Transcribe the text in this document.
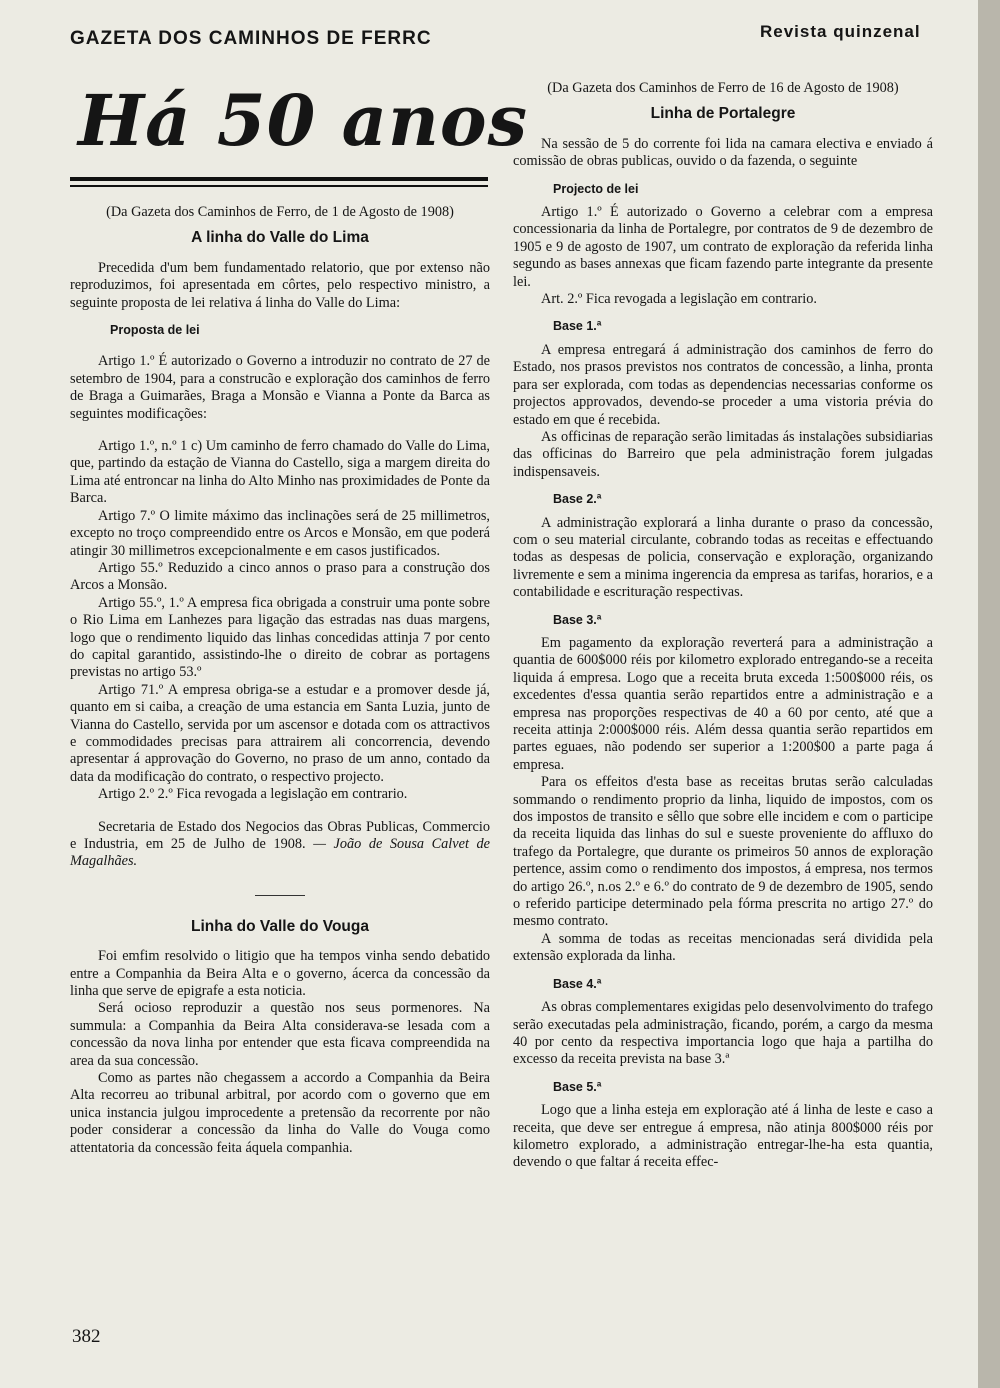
GAZETA DOS CAMINHOS DE FERRC	Revista quinzenal
Há 50 anos

(Da Gazeta dos Caminhos de Ferro, de 1 de Agosto de 1908)

A linha do Valle do Lima

Precedida d'um bem fundamentado relatorio, que por extenso não reproduzimos, foi apresentada em côrtes, pelo respectivo ministro, a seguinte proposta de lei relativa á linha do Valle do Lima:

Proposta de lei

Artigo 1.º É autorizado o Governo a introduzir no contrato de 27 de setembro de 1904, para a construcão e exploração dos caminhos de ferro de Braga a Guimarães, Braga a Monsão e Vianna a Ponte da Barca as seguintes modificações:

Artigo 1.º, n.º 1 c) Um caminho de ferro chamado do Valle do Lima, que, partindo da estação de Vianna do Castello, siga a margem direita do Lima até entroncar na linha do Alto Minho nas proximidades de Ponte da Barca.

Artigo 7.º O limite máximo das inclinações será de 25 millimetros, excepto no troço compreendido entre os Arcos e Monsão, em que poderá atingir 30 millimetros excepcionalmente e em casos justificados.

Artigo 55.º Reduzido a cinco annos o praso para a construção dos Arcos a Monsão.

Artigo 55.º, 1.º A empresa fica obrigada a construir uma ponte sobre o Rio Lima em Lanhezes para ligação das estradas nas duas margens, logo que o rendimento liquido das linhas concedidas attinja 7 por cento do capital garantido, assistindo-lhe o direito de cobrar as portagens previstas no artigo 53.º

Artigo 71.º A empresa obriga-se a estudar e a promover desde já, quanto em si caiba, a creação de uma estancia em Santa Luzia, junto de Vianna do Castello, servida por um ascensor e dotada com os attractivos e commodidades precisas para attrairem ali concorrencia, devendo apresentar á approvação do Governo, no praso de um anno, contado da data da modificação do contrato, o respectivo projecto.

Artigo 2.º 2.º Fica revogada a legislação em contrario.

Secretaria de Estado dos Negocios das Obras Publicas, Commercio e Industria, em 25 de Julho de 1908. — João de Sousa Calvet de Magalhães.

Linha do Valle do Vouga

Foi emfim resolvido o litigio que ha tempos vinha sendo debatido entre a Companhia da Beira Alta e o governo, ácerca da concessão da linha que serve de epigrafe a esta noticia.

Será ocioso reproduzir a questão nos seus pormenores. Na summula: a Companhia da Beira Alta considerava-se lesada com a concessão da nova linha por entender que esta ficava compreendida na area da sua concessão.

Como as partes não chegassem a accordo a Companhia da Beira Alta recorreu ao tribunal arbitral, por acordo com o governo que em unica instancia julgou improcedente a pretensão da recorrente por não poder considerar a concessão da linha do Valle do Vouga como attentatoria da concessão feita áquela companhia.

(Da Gazeta dos Caminhos de Ferro de 16 de Agosto de 1908)

Linha de Portalegre

Na sessão de 5 do corrente foi lida na camara electiva e enviado á comissão de obras publicas, ouvido o da fazenda, o seguinte

Projecto de lei

Artigo 1.º É autorizado o Governo a celebrar com a empresa concessionaria da linha de Portalegre, por contratos de 9 de dezembro de 1905 e 9 de agosto de 1907, um contrato de exploração da referida linha segundo as bases annexas que ficam fazendo parte integrante da presente lei.

Art. 2.º Fica revogada a legislação em contrario.

Base 1.ª

A empresa entregará á administração dos caminhos de ferro do Estado, nos prasos previstos nos contratos de concessão, a linha, pronta para ser explorada, com todas as dependencias necessarias conforme os projectos approvados, devendo-se proceder a uma vistoria prévia do estado em que é recebida.

As officinas de reparação serão limitadas ás instalações subsidiarias das officinas do Barreiro que pela administração forem julgadas indispensaveis.

Base 2.ª

A administração explorará a linha durante o praso da concessão, com o seu material circulante, cobrando todas as receitas e effectuando todas as despesas de policia, conservação e exploração, organizando livremente e sem a minima ingerencia da empresa as tarifas, horarios, e a contabilidade e escrituração respectivas.

Base 3.ª

Em pagamento da exploração reverterá para a administração a quantia de 600$000 réis por kilometro explorado entregando-se a receita liquida á empresa. Logo que a receita bruta exceda 1:500$000 réis, os excedentes d'essa quantia serão repartidos entre a administração e a empresa nas proporções respectivas de 40 a 60 por cento, até que a receita attinja 2:000$000 réis. Além dessa quantia serão repartidos em partes eguaes, não podendo ser superior a 1:200$00 a parte paga á empresa.

Para os effeitos d'esta base as receitas brutas serão calculadas sommando o rendimento proprio da linha, liquido de impostos, com os dos impostos de transito e sêllo que sobre elle incidem e com o participe da receita liquida das linhas do sul e sueste proveniente do affluxo do trafego da Portalegre, que durante os primeiros 50 annos de exploração pertence, assim como o rendimento dos impostos, á empresa, nos termos do artigo 26.º, n.os 2.º e 6.º do contrato de 9 de dezembro de 1905, sendo o referido participe determinado pela fórma prescrita no artigo 27.º do mesmo contrato.

A somma de todas as receitas mencionadas será dividida pela extensão explorada da linha.

Base 4.ª

As obras complementares exigidas pelo desenvolvimento do trafego serão executadas pela administração, ficando, porém, a cargo da mesma 40 por cento da respectiva importancia logo que haja a partilha do excesso da receita prevista na base 3.ª

Base 5.ª

Logo que a linha esteja em exploração até á linha de leste e caso a receita, que deve ser entregue á empresa, não atinja 800$000 réis por kilometro explorado, a administração entregar-lhe-ha esta quantia, devendo o que faltar á receita effec-

382
